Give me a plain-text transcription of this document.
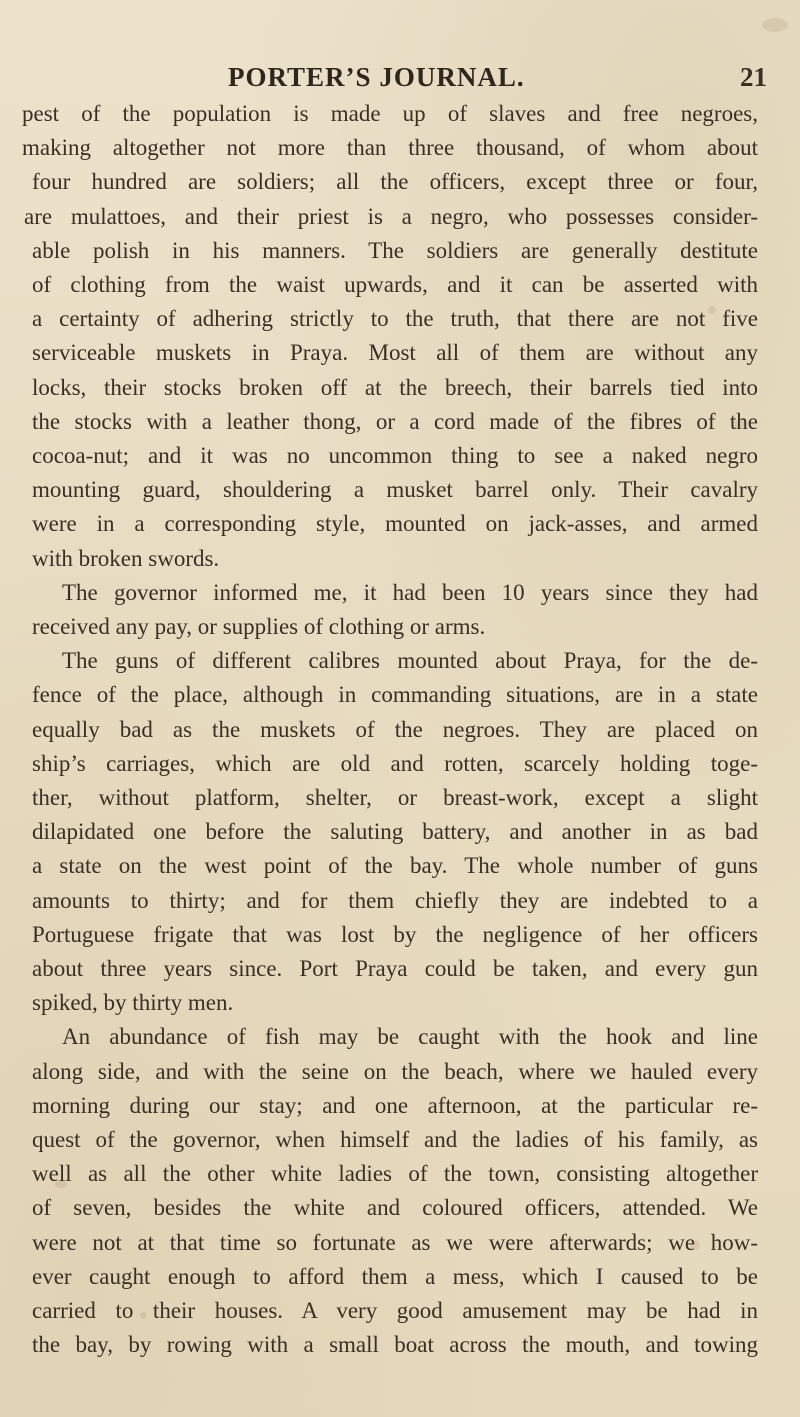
PORTER’S JOURNAL.	21
pest of the population is made up of slaves and free negroes,
making altogether not more than three thousand, of whom about
four hundred are soldiers; all the officers, except three or four,
are mulattoes, and their priest is a negro, who possesses consider-
able polish in his manners. The soldiers are generally destitute
of clothing from the waist upwards, and it can be asserted with
a certainty of adhering strictly to the truth, that there are not five
serviceable muskets in Praya. Most all of them are without any
locks, their stocks broken off at the breech, their barrels tied into
the stocks with a leather thong, or a cord made of the fibres of the
cocoa-nut; and it was no uncommon thing to see a naked negro
mounting guard, shouldering a musket barrel only. Their cavalry
were in a corresponding style, mounted on jack-asses, and armed
with broken swords.
The governor informed me, it had been 10 years since they had
received any pay, or supplies of clothing or arms.
The guns of different calibres mounted about Praya, for the de-
fence of the place, although in commanding situations, are in a state
equally bad as the muskets of the negroes. They are placed on
ship’s carriages, which are old and rotten, scarcely holding toge-
ther, without platform, shelter, or breast-work, except a slight
dilapidated one before the saluting battery, and another in as bad
a state on the west point of the bay. The whole number of guns
amounts to thirty; and for them chiefly they are indebted to a
Portuguese frigate that was lost by the negligence of her officers
about three years since. Port Praya could be taken, and every gun
spiked, by thirty men.
An abundance of fish may be caught with the hook and line
along side, and with the seine on the beach, where we hauled every
morning during our stay; and one afternoon, at the particular re-
quest of the governor, when himself and the ladies of his family, as
well as all the other white ladies of the town, consisting altogether
of seven, besides the white and coloured officers, attended. We
were not at that time so fortunate as we were afterwards; we how-
ever caught enough to afford them a mess, which I caused to be
carried to their houses. A very good amusement may be had in
the bay, by rowing with a small boat across the mouth, and towing
